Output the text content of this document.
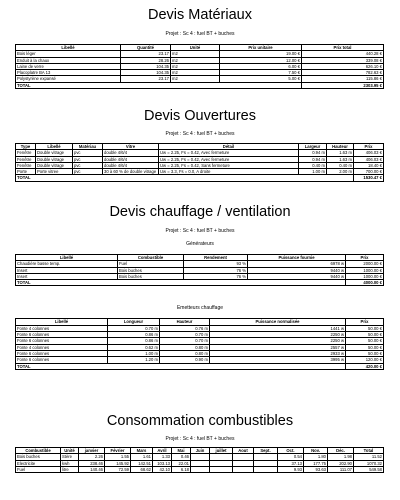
Devis Matériaux
Projet : Sc 4 : fuel BT + buches
Libellé	Quantité	Unité	Prix unitaire	Prix total
Bois léger	23.17	m2	19.00 €	440.28 €
Enduit à la chaux	28.26	m2	12.00 €	339.08 €
Laine de verre	104.35	m2	6.00 €	626.10 €
Placoplatre BA 13	104.35	m2	7.50 €	782.63 €
Polystyrène expansé	23.17	m2	5.00 €	115.86 €
TOTAL				2303.95 €
Devis Ouvertures
Projet : Sc 4 : fuel BT + buches
Type	Libellé	Matériau	Vitre	Détail	Largeur	Hauteur	Prix
Fenêtre	Double vitrage	pvc	double 4/6/4	Uw = 2.25, Fs = 0.42, Avec fermeture	0.94 m	1.63 m	406.03 €
Fenêtre	Double vitrage	pvc	double 4/6/4	Uw = 2.25, Fs = 0.42, Avec fermeture	0.94 m	1.63 m	406.03 €
Fenêtre	Double vitrage	pvc	double 4/6/4	Uw = 2.25, Fs = 0.42, Sans fermeture	0.40 m	0.40 m	18.40 €
Porte	Porte vitree	pvc	30 à 60 % de double vitrage	Uw = 3.3, Fs = 0.0, A droite	1.00 m	2.00 m	700.00 €
TOTAL							1530.47 €
Devis chauffage / ventilation
Projet : Sc 4 : fuel BT + buches
Générateurs
Libellé	Combustible	Rendement	Puissance fournie	Prix
Chaudière basse temp.	Fuel	93 %	6978 w	2000.00 €
Insert	Bois buches	76 %	9440 w	1000.00 €
Insert	Bois buches	76 %	9440 w	1000.00 €
TOTAL				4000.00 €
Emetteurs chauffage
Libellé	Longueur	Hauteur	Puissance normalisée	Prix
Fonte 4 colonnes	0.70 m	0.76 m	1441 w	50.00 €
Fonte 6 colonnes	0.86 m	0.70 m	2250 w	50.00 €
Fonte 6 colonnes	0.86 m	0.70 m	2250 w	50.00 €
Fonte 4 colonnes	0.62 m	0.80 m	2557 w	50.00 €
Fonte 6 colonnes	1.00 m	0.80 m	2933 w	50.00 €
Fonte 6 colonnes	1.20 m	0.90 m	3995 w	120.00 €
TOTAL				420.00 €
Consommation combustibles
Projet : Sc 4 : fuel BT + buches
Combustible	Unité	janvier	Février	Mars	Avril	Mai	Juin	juillet	Aout	Sept.	Oct.	Nov.	Déc.	Total
Bois buches	Stère	2.26	1.55	1.61	1.33	0.46					0.54	1.80	1.98	11.52
Electricite	kwh	238.46	145.92	142.51	103.13	22.01					37.13	177.75	202.90	1070.32
Fuel	litre	140.46	72.59	68.62	42.10	6.18					9.93	93.63	111.07	549.58
